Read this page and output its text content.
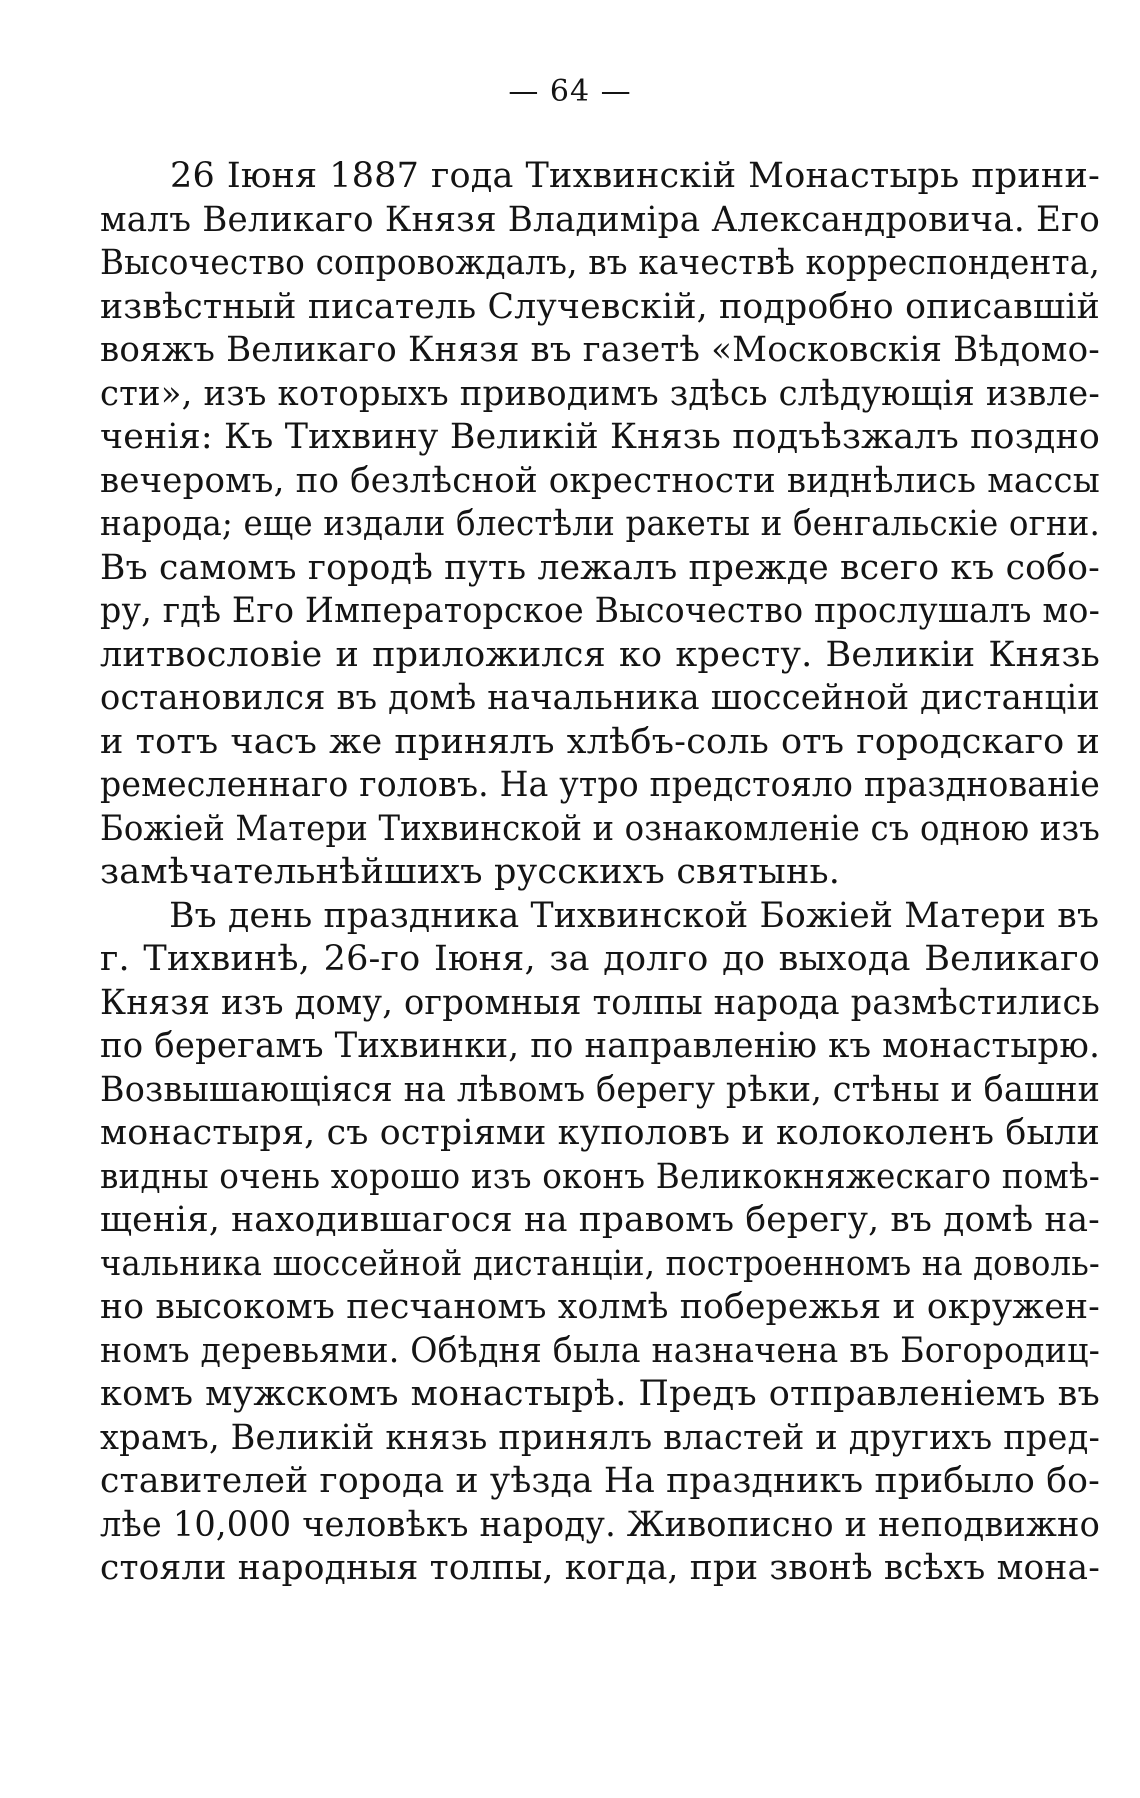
— 64 —
26 Іюня 1887 года Тихвинскій Монастырь прини-
малъ Великаго Князя Владиміра Александровича. Его
Высочество сопровождалъ, въ качествѣ корреспондента,
извѣстный писатель Случевскій, подробно описавшій
вояжъ Великаго Князя въ газетѣ «Московскія Вѣдомо-
сти», изъ которыхъ приводимъ здѣсь слѣдующія извле-
ченія: Къ Тихвину Великій Князь подъѣзжалъ поздно
вечеромъ, по безлѣсной окрестности виднѣлись массы
народа; еще издали блестѣли ракеты и бенгальскіе огни.
Въ самомъ городѣ путь лежалъ прежде всего къ собо-
ру, гдѣ Его Императорское Высочество прослушалъ мо-
литвословіе и приложился ко кресту. Великіи Князь
остановился въ домѣ начальника шоссейной дистанціи
и тотъ часъ же принялъ хлѣбъ-соль отъ городскаго и
ремесленнаго головъ. На утро предстояло празднованіе
Божіей Матери Тихвинской и ознакомленіе съ одною изъ
замѣчательнѣйшихъ русскихъ святынь.
Въ день праздника Тихвинской Божіей Матери въ
г. Тихвинѣ, 26-го Іюня, за долго до выхода Великаго
Князя изъ дому, огромныя толпы народа размѣстились
по берегамъ Тихвинки, по направленію къ монастырю.
Возвышающіяся на лѣвомъ берегу рѣки, стѣны и башни
монастыря, съ остріями куполовъ и колоколенъ были
видны очень хорошо изъ оконъ Великокняжескаго помѣ-
щенія, находившагося на правомъ берегу, въ домѣ на-
чальника шоссейной дистанціи, построенномъ на доволь-
но высокомъ песчаномъ холмѣ побережья и окружен-
номъ деревьями. Обѣдня была назначена въ Богородиц-
комъ мужскомъ монастырѣ. Предъ отправленіемъ въ
храмъ, Великій князь принялъ властей и другихъ пред-
ставителей города и уѣзда На праздникъ прибыло бо-
лѣе 10,000 человѣкъ народу. Живописно и неподвижно
стояли народныя толпы, когда, при звонѣ всѣхъ мона-
